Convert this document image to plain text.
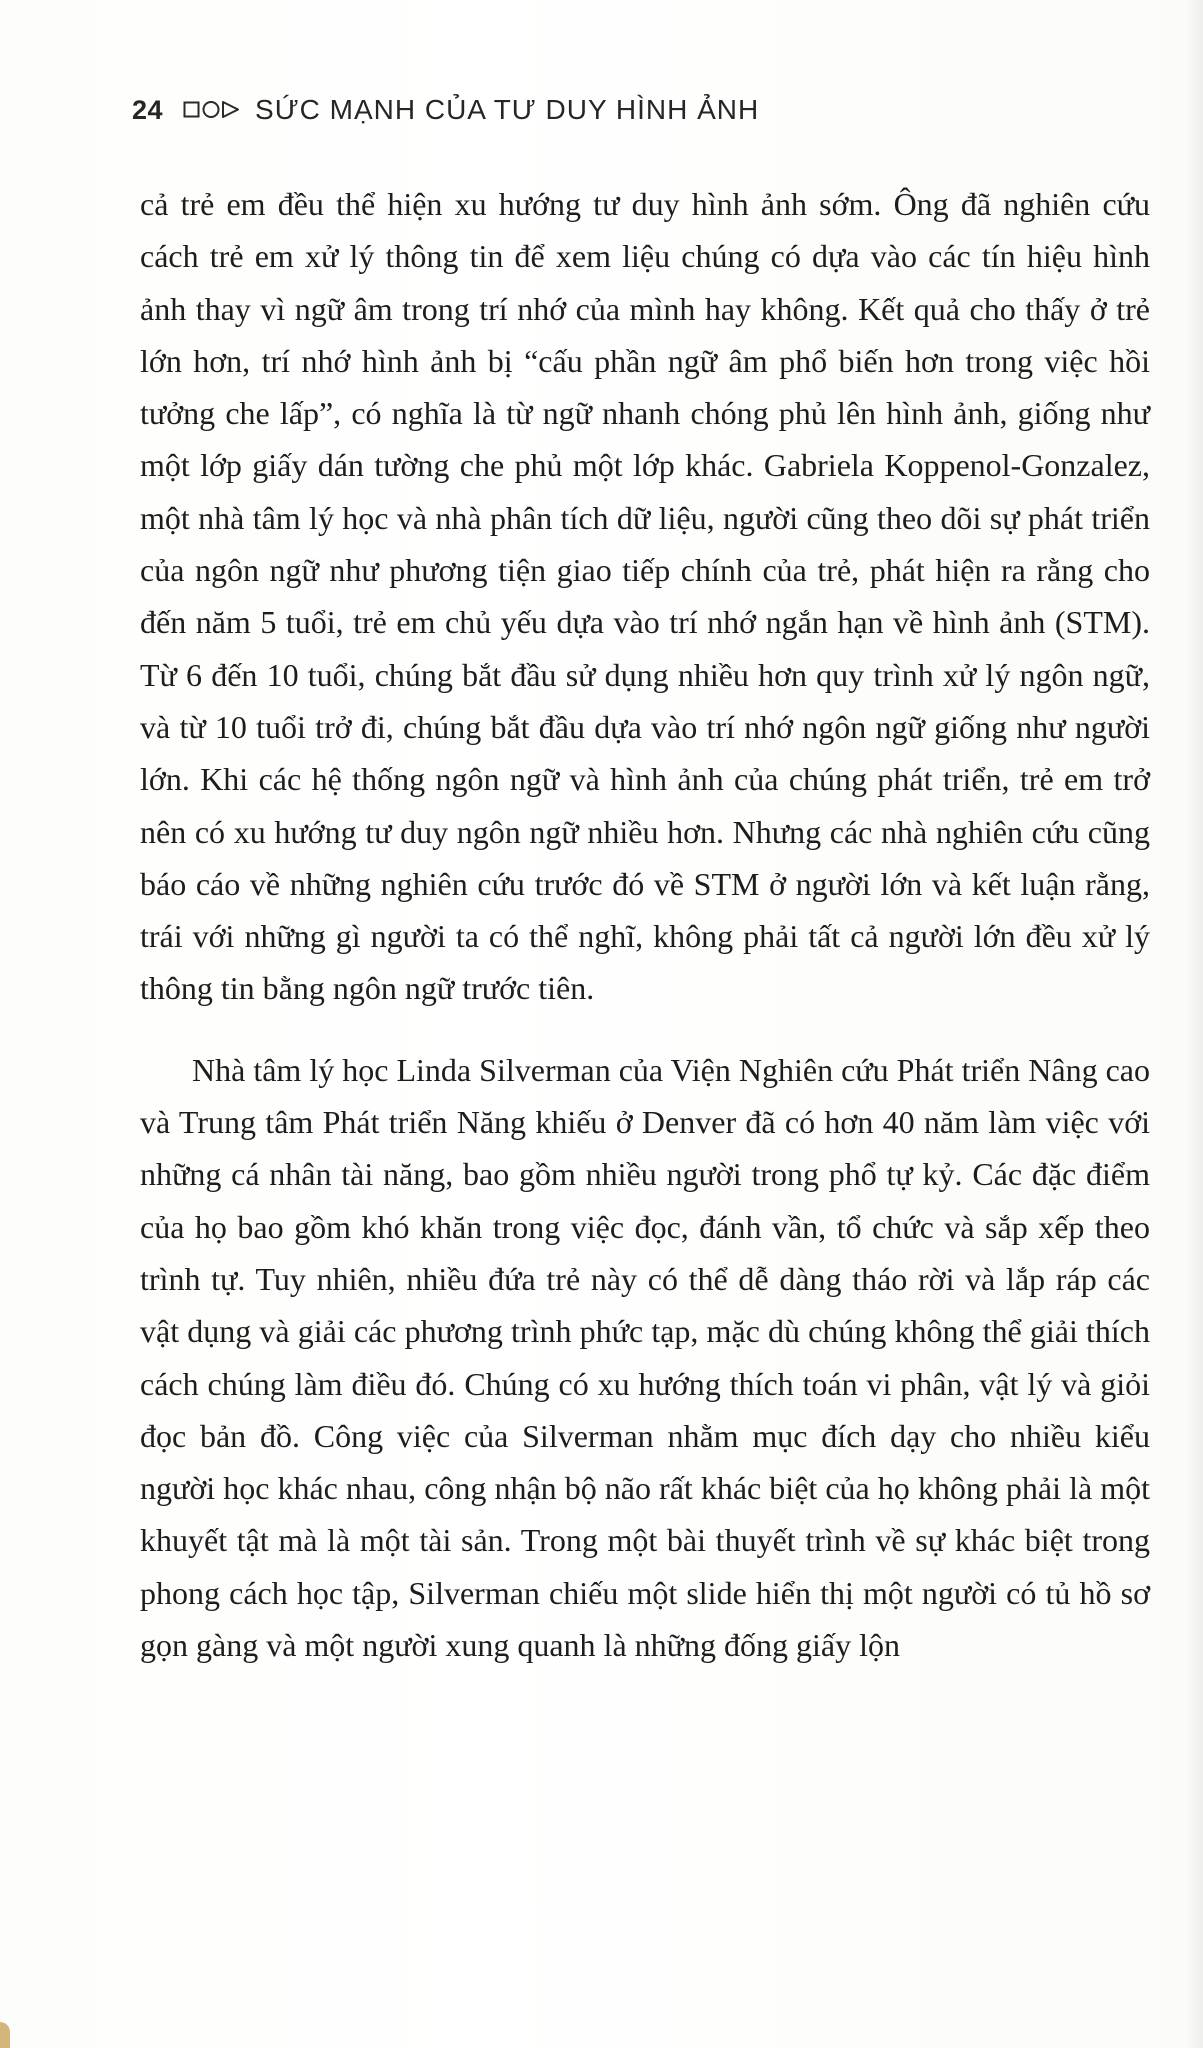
24	SỨC MẠNH CỦA TƯ DUY HÌNH ẢNH

cả trẻ em đều thể hiện xu hướng tư duy hình ảnh sớm. Ông đã nghiên cứu cách trẻ em xử lý thông tin để xem liệu chúng có dựa vào các tín hiệu hình ảnh thay vì ngữ âm trong trí nhớ của mình hay không. Kết quả cho thấy ở trẻ lớn hơn, trí nhớ hình ảnh bị “cấu phần ngữ âm phổ biến hơn trong việc hồi tưởng che lấp”, có nghĩa là từ ngữ nhanh chóng phủ lên hình ảnh, giống như một lớp giấy dán tường che phủ một lớp khác. Gabriela Koppenol-Gonzalez, một nhà tâm lý học và nhà phân tích dữ liệu, người cũng theo dõi sự phát triển của ngôn ngữ như phương tiện giao tiếp chính của trẻ, phát hiện ra rằng cho đến năm 5 tuổi, trẻ em chủ yếu dựa vào trí nhớ ngắn hạn về hình ảnh (STM). Từ 6 đến 10 tuổi, chúng bắt đầu sử dụng nhiều hơn quy trình xử lý ngôn ngữ, và từ 10 tuổi trở đi, chúng bắt đầu dựa vào trí nhớ ngôn ngữ giống như người lớn. Khi các hệ thống ngôn ngữ và hình ảnh của chúng phát triển, trẻ em trở nên có xu hướng tư duy ngôn ngữ nhiều hơn. Nhưng các nhà nghiên cứu cũng báo cáo về những nghiên cứu trước đó về STM ở người lớn và kết luận rằng, trái với những gì người ta có thể nghĩ, không phải tất cả người lớn đều xử lý thông tin bằng ngôn ngữ trước tiên.

Nhà tâm lý học Linda Silverman của Viện Nghiên cứu Phát triển Nâng cao và Trung tâm Phát triển Năng khiếu ở Denver đã có hơn 40 năm làm việc với những cá nhân tài năng, bao gồm nhiều người trong phổ tự kỷ. Các đặc điểm của họ bao gồm khó khăn trong việc đọc, đánh vần, tổ chức và sắp xếp theo trình tự. Tuy nhiên, nhiều đứa trẻ này có thể dễ dàng tháo rời và lắp ráp các vật dụng và giải các phương trình phức tạp, mặc dù chúng không thể giải thích cách chúng làm điều đó. Chúng có xu hướng thích toán vi phân, vật lý và giỏi đọc bản đồ. Công việc của Silverman nhằm mục đích dạy cho nhiều kiểu người học khác nhau, công nhận bộ não rất khác biệt của họ không phải là một khuyết tật mà là một tài sản. Trong một bài thuyết trình về sự khác biệt trong phong cách học tập, Silverman chiếu một slide hiển thị một người có tủ hồ sơ gọn gàng và một người xung quanh là những đống giấy lộn
